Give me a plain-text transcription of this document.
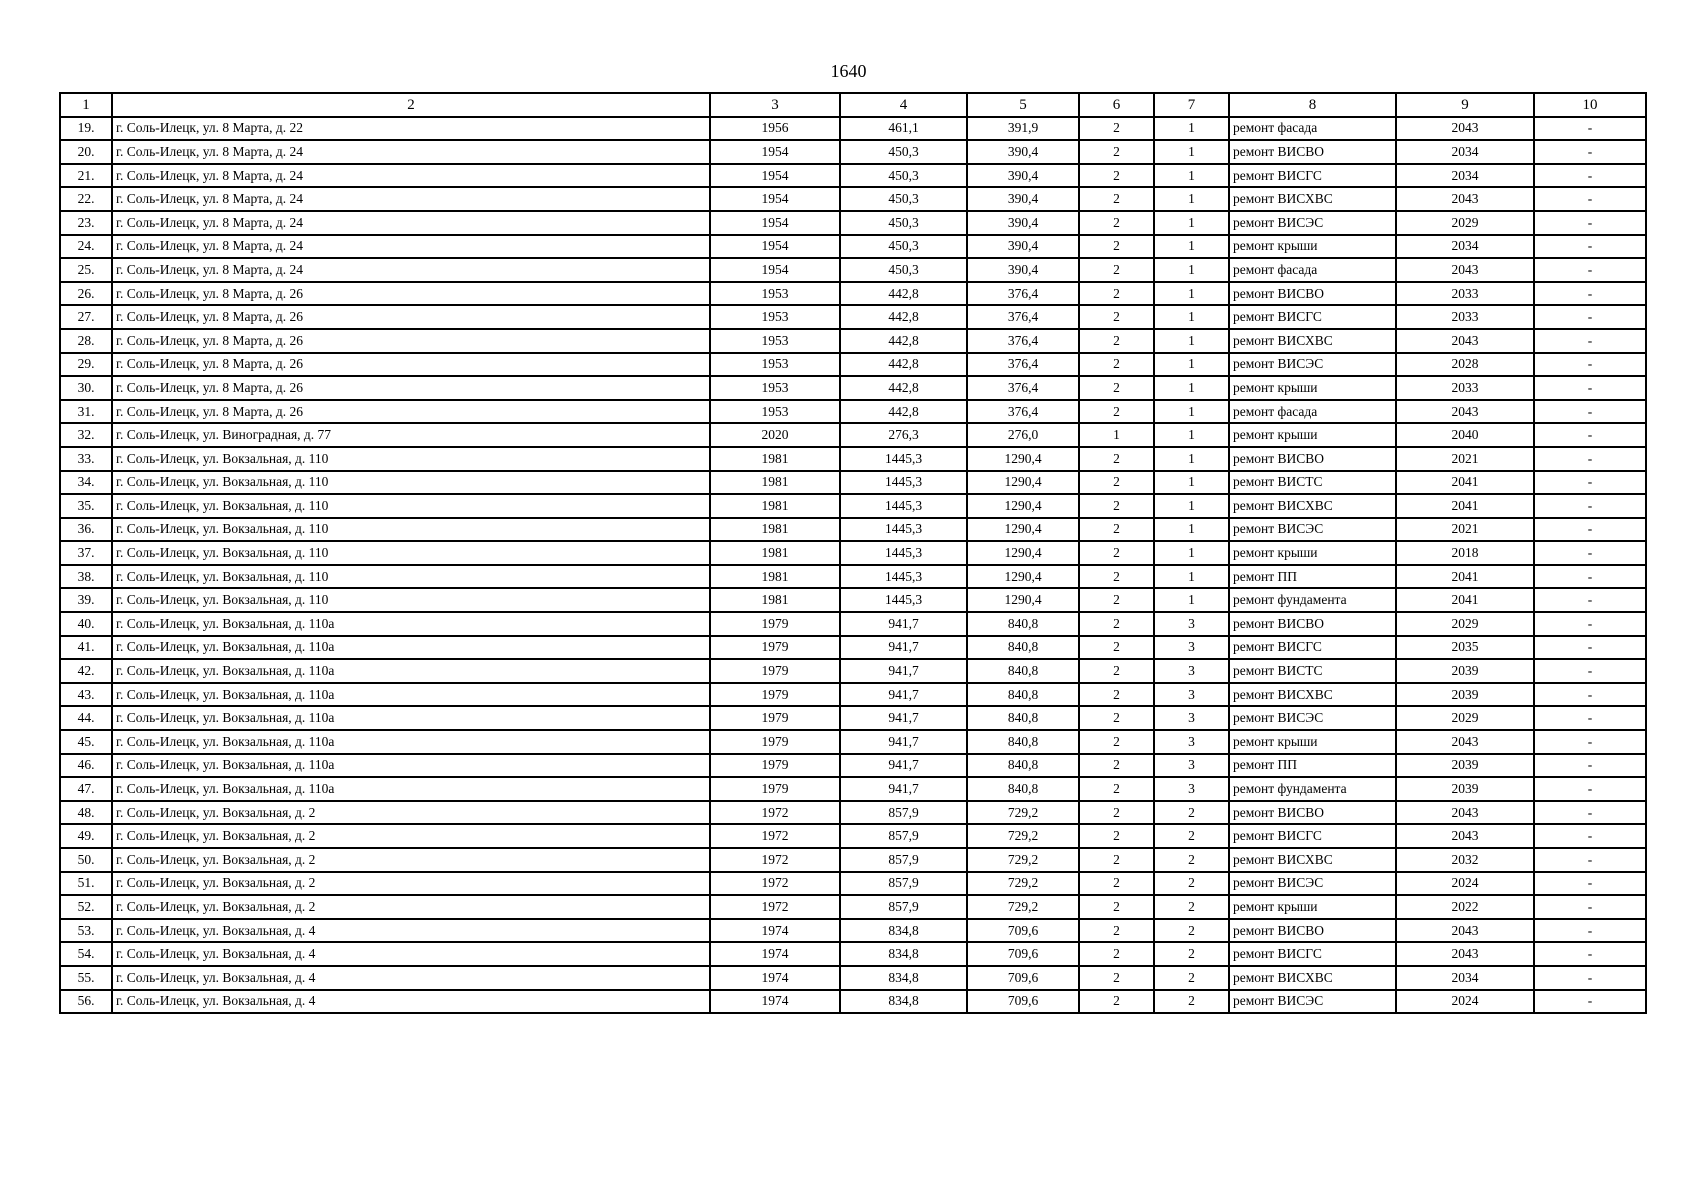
1640
1	2	3	4	5	6	7	8	9	10
19.	г. Соль-Илецк, ул. 8 Марта, д. 22	1956	461,1	391,9	2	1	ремонт фасада	2043	-
20.	г. Соль-Илецк, ул. 8 Марта, д. 24	1954	450,3	390,4	2	1	ремонт ВИСВО	2034	-
21.	г. Соль-Илецк, ул. 8 Марта, д. 24	1954	450,3	390,4	2	1	ремонт ВИСГС	2034	-
22.	г. Соль-Илецк, ул. 8 Марта, д. 24	1954	450,3	390,4	2	1	ремонт ВИСХВС	2043	-
23.	г. Соль-Илецк, ул. 8 Марта, д. 24	1954	450,3	390,4	2	1	ремонт ВИСЭС	2029	-
24.	г. Соль-Илецк, ул. 8 Марта, д. 24	1954	450,3	390,4	2	1	ремонт крыши	2034	-
25.	г. Соль-Илецк, ул. 8 Марта, д. 24	1954	450,3	390,4	2	1	ремонт фасада	2043	-
26.	г. Соль-Илецк, ул. 8 Марта, д. 26	1953	442,8	376,4	2	1	ремонт ВИСВО	2033	-
27.	г. Соль-Илецк, ул. 8 Марта, д. 26	1953	442,8	376,4	2	1	ремонт ВИСГС	2033	-
28.	г. Соль-Илецк, ул. 8 Марта, д. 26	1953	442,8	376,4	2	1	ремонт ВИСХВС	2043	-
29.	г. Соль-Илецк, ул. 8 Марта, д. 26	1953	442,8	376,4	2	1	ремонт ВИСЭС	2028	-
30.	г. Соль-Илецк, ул. 8 Марта, д. 26	1953	442,8	376,4	2	1	ремонт крыши	2033	-
31.	г. Соль-Илецк, ул. 8 Марта, д. 26	1953	442,8	376,4	2	1	ремонт фасада	2043	-
32.	г. Соль-Илецк, ул. Виноградная, д. 77	2020	276,3	276,0	1	1	ремонт крыши	2040	-
33.	г. Соль-Илецк, ул. Вокзальная, д. 110	1981	1445,3	1290,4	2	1	ремонт ВИСВО	2021	-
34.	г. Соль-Илецк, ул. Вокзальная, д. 110	1981	1445,3	1290,4	2	1	ремонт ВИСТС	2041	-
35.	г. Соль-Илецк, ул. Вокзальная, д. 110	1981	1445,3	1290,4	2	1	ремонт ВИСХВС	2041	-
36.	г. Соль-Илецк, ул. Вокзальная, д. 110	1981	1445,3	1290,4	2	1	ремонт ВИСЭС	2021	-
37.	г. Соль-Илецк, ул. Вокзальная, д. 110	1981	1445,3	1290,4	2	1	ремонт крыши	2018	-
38.	г. Соль-Илецк, ул. Вокзальная, д. 110	1981	1445,3	1290,4	2	1	ремонт ПП	2041	-
39.	г. Соль-Илецк, ул. Вокзальная, д. 110	1981	1445,3	1290,4	2	1	ремонт фундамента	2041	-
40.	г. Соль-Илецк, ул. Вокзальная, д. 110а	1979	941,7	840,8	2	3	ремонт ВИСВО	2029	-
41.	г. Соль-Илецк, ул. Вокзальная, д. 110а	1979	941,7	840,8	2	3	ремонт ВИСГС	2035	-
42.	г. Соль-Илецк, ул. Вокзальная, д. 110а	1979	941,7	840,8	2	3	ремонт ВИСТС	2039	-
43.	г. Соль-Илецк, ул. Вокзальная, д. 110а	1979	941,7	840,8	2	3	ремонт ВИСХВС	2039	-
44.	г. Соль-Илецк, ул. Вокзальная, д. 110а	1979	941,7	840,8	2	3	ремонт ВИСЭС	2029	-
45.	г. Соль-Илецк, ул. Вокзальная, д. 110а	1979	941,7	840,8	2	3	ремонт крыши	2043	-
46.	г. Соль-Илецк, ул. Вокзальная, д. 110а	1979	941,7	840,8	2	3	ремонт ПП	2039	-
47.	г. Соль-Илецк, ул. Вокзальная, д. 110а	1979	941,7	840,8	2	3	ремонт фундамента	2039	-
48.	г. Соль-Илецк, ул. Вокзальная, д. 2	1972	857,9	729,2	2	2	ремонт ВИСВО	2043	-
49.	г. Соль-Илецк, ул. Вокзальная, д. 2	1972	857,9	729,2	2	2	ремонт ВИСГС	2043	-
50.	г. Соль-Илецк, ул. Вокзальная, д. 2	1972	857,9	729,2	2	2	ремонт ВИСХВС	2032	-
51.	г. Соль-Илецк, ул. Вокзальная, д. 2	1972	857,9	729,2	2	2	ремонт ВИСЭС	2024	-
52.	г. Соль-Илецк, ул. Вокзальная, д. 2	1972	857,9	729,2	2	2	ремонт крыши	2022	-
53.	г. Соль-Илецк, ул. Вокзальная, д. 4	1974	834,8	709,6	2	2	ремонт ВИСВО	2043	-
54.	г. Соль-Илецк, ул. Вокзальная, д. 4	1974	834,8	709,6	2	2	ремонт ВИСГС	2043	-
55.	г. Соль-Илецк, ул. Вокзальная, д. 4	1974	834,8	709,6	2	2	ремонт ВИСХВС	2034	-
56.	г. Соль-Илецк, ул. Вокзальная, д. 4	1974	834,8	709,6	2	2	ремонт ВИСЭС	2024	-
